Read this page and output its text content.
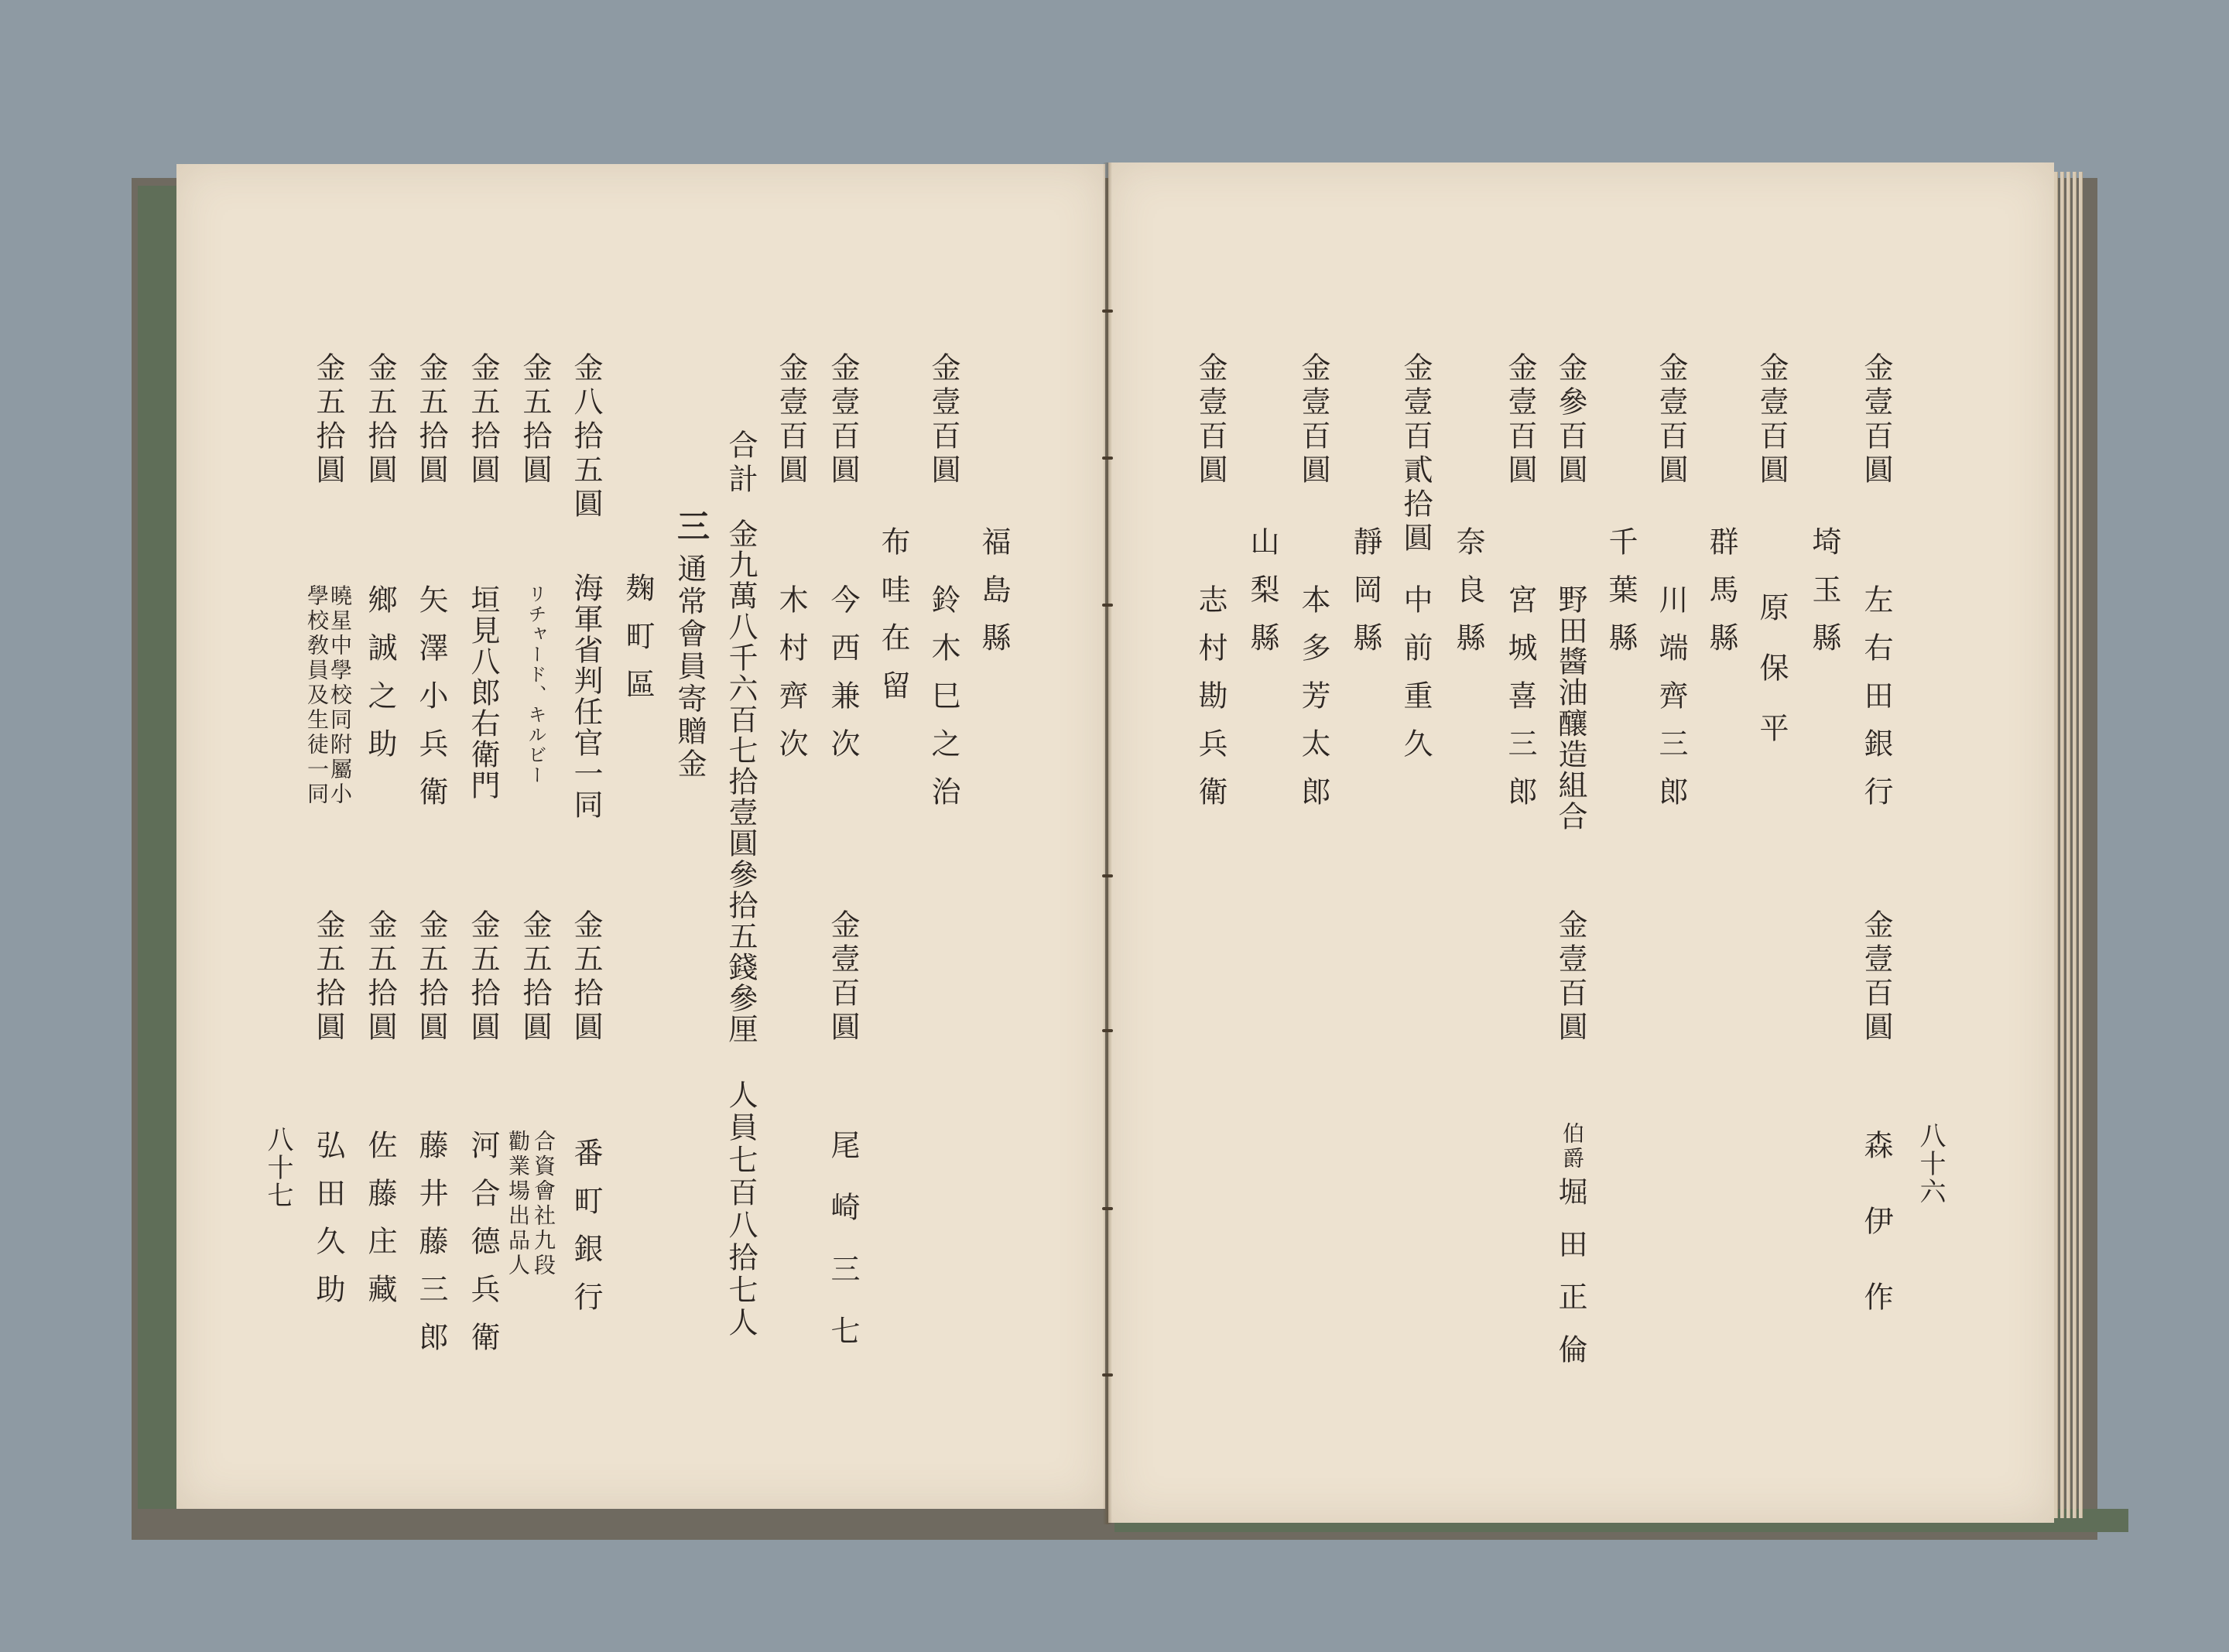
八十六
金壹百圓
左右田銀行
金壹百圓
森伊作
埼玉縣
金壹百圓
原保平
群馬縣
金壹百圓
川端齊三郎
千葉縣
金參百圓
野田醬油釀造組合
金壹百圓
伯爵
堀田正倫
金壹百圓
宮城喜三郎
奈良縣
金壹百貳拾圓
中前重久
靜岡縣
金壹百圓
本多芳太郎
山梨縣
金壹百圓
志村勘兵衛
八十七
福島縣
金壹百圓
鈴木巳之治
布哇在留
金壹百圓
今西兼次
金壹百圓
尾崎三七
金壹百圓
木村齊次
合計
金九萬八千六百七拾壹圓參拾五錢參厘
人員七百八拾七人
三
通常會員寄贈金
麹町區
金八拾五圓
海軍省判任官一同
金五拾圓
番町銀行
金五拾圓
リチャード、キルビー
金五拾圓
合資會社九段
勸業場出品人
金五拾圓
垣見八郎右衛門
金五拾圓
河合德兵衛
金五拾圓
矢澤小兵衛
金五拾圓
藤井藤三郎
金五拾圓
鄉誠之助
金五拾圓
佐藤庄藏
金五拾圓
曉星中學校同附屬小
學校敎員及生徒一同
金五拾圓
弘田久助
